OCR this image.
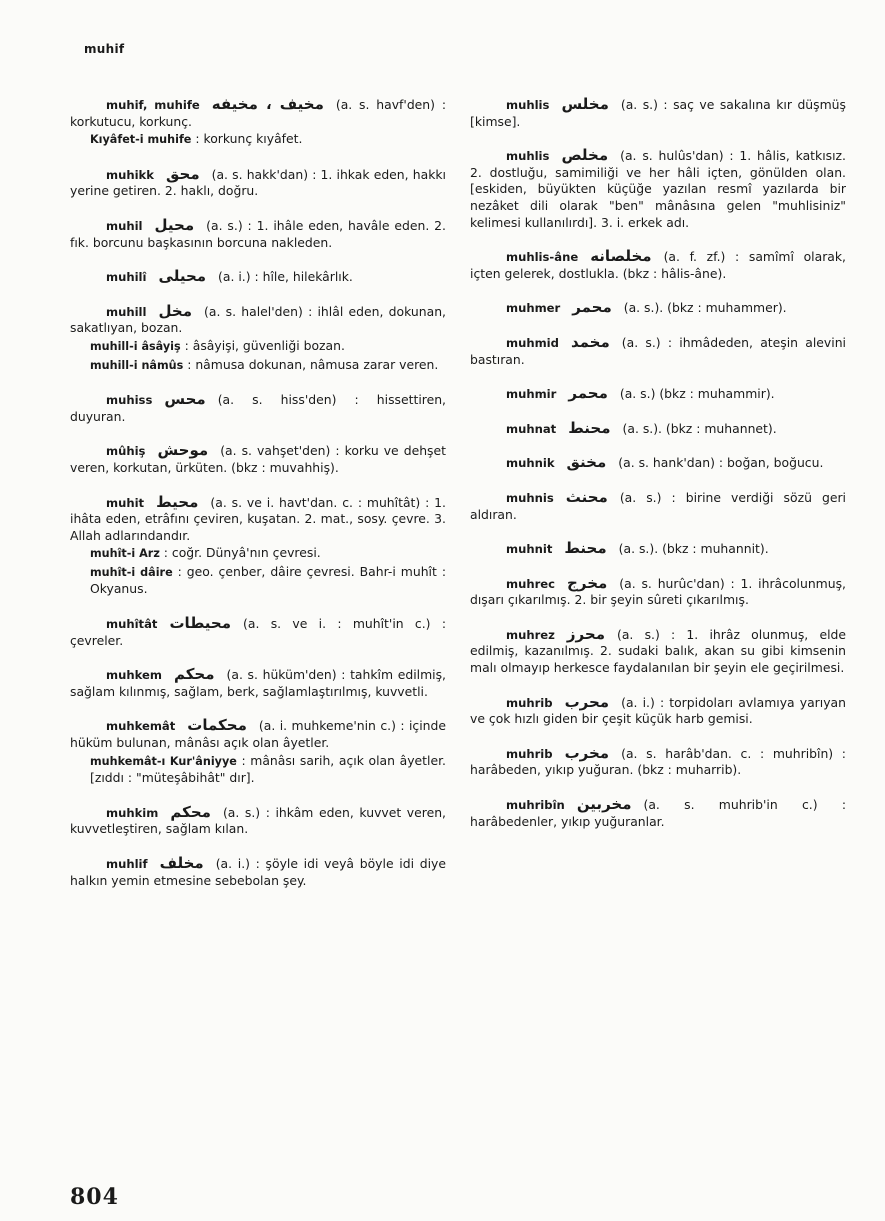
muhif
muhif, muhife مخيف ، مخيفه (a. s. havf'den) : korkutucu, korkunç.
Kıyâfet-i muhife : korkunç kıyâfet.
muhikk محق (a. s. hakk'dan) : 1. ihkak eden, hakkı yerine getiren. 2. haklı, doğru.
muhil محيل (a. s.) : 1. ihâle eden, havâle eden. 2. fık. borcunu başkasının borcuna nakleden.
muhilî محيلى (a. i.) : hîle, hilekârlık.
muhill مخل (a. s. halel'den) : ihlâl eden, dokunan, sakatlıyan, bozan.
muhill-i âsâyiş : âsâyişi, güvenliği bozan.
muhill-i nâmûs : nâmusa dokunan, nâmusa zarar veren.
muhiss محس (a. s. hiss'den) : hissettiren, duyuran.
mûhiş موحش (a. s. vahşet'den) : korku ve dehşet veren, korkutan, ürküten. (bkz : muvahhiş).
muhit محيط (a. s. ve i. havt'dan. c. : muhîtât) : 1. ihâta eden, etrâfını çeviren, kuşatan. 2. mat., sosy. çevre. 3. Allah adlarındandır.
muhît-i Arz : coğr. Dünyâ'nın çevresi.
muhît-i dâire : geo. çenber, dâire çevresi. Bahr-i muhît : Okyanus.
muhîtât محيطات (a. s. ve i. : muhît'in c.) : çevreler.
muhkem محكم (a. s. hüküm'den) : tahkîm edilmiş, sağlam kılınmış, sağlam, berk, sağlamlaştırılmış, kuvvetli.
muhkemât محكمات (a. i. muhkeme'nin c.) : içinde hüküm bulunan, mânâsı açık olan âyetler.
muhkemât-ı Kur'âniyye : mânâsı sarih, açık olan âyetler. [zıddı : "müteşâbihât" dır].
muhkim محكم (a. s.) : ihkâm eden, kuvvet veren, kuvvetleştiren, sağlam kılan.
muhlif مخلف (a. i.) : şöyle idi veyâ böyle idi diye halkın yemin etmesine sebebolan şey.
muhlis مخلس (a. s.) : saç ve sakalına kır düşmüş [kimse].
muhlis مخلص (a. s. hulûs'dan) : 1. hâlis, katkısız. 2. dostluğu, samimiliği ve her hâli içten, gönülden olan. [eskiden, büyükten küçüğe yazılan resmî yazılarda bir nezâket dili olarak "ben" mânâsına gelen "muhlisiniz" kelimesi kullanılırdı]. 3. i. erkek adı.
muhlis-âne مخلصانه (a. f. zf.) : samîmî olarak, içten gelerek, dostlukla. (bkz : hâlis-âne).
muhmer محمر (a. s.). (bkz : muhammer).
muhmid مخمد (a. s.) : ihmâdeden, ateşin alevini bastıran.
muhmir محمر (a. s.) (bkz : muhammir).
muhnat محنط (a. s.). (bkz : muhannet).
muhnik مخنق (a. s. hank'dan) : boğan, boğucu.
muhnis محنث (a. s.) : birine verdiği sözü geri aldıran.
muhnit محنط (a. s.). (bkz : muhannit).
muhrec مخرج (a. s. hurûc'dan) : 1. ihrâcolunmuş, dışarı çıkarılmış. 2. bir şeyin sûreti çıkarılmış.
muhrez محرز (a. s.) : 1. ihrâz olunmuş, elde edilmiş, kazanılmış. 2. sudaki balık, akan su gibi kimsenin malı olmayıp herkesce faydalanılan bir şeyin ele geçirilmesi.
muhrib محرب (a. i.) : torpidoları avlamıya yarıyan ve çok hızlı giden bir çeşit küçük harb gemisi.
muhrib مخرب (a. s. harâb'dan. c. : muhribîn) : harâbeden, yıkıp yuğuran. (bkz : muharrib).
muhribîn مخربين (a. s. muhrib'in c.) : harâbedenler, yıkıp yuğuranlar.
804
